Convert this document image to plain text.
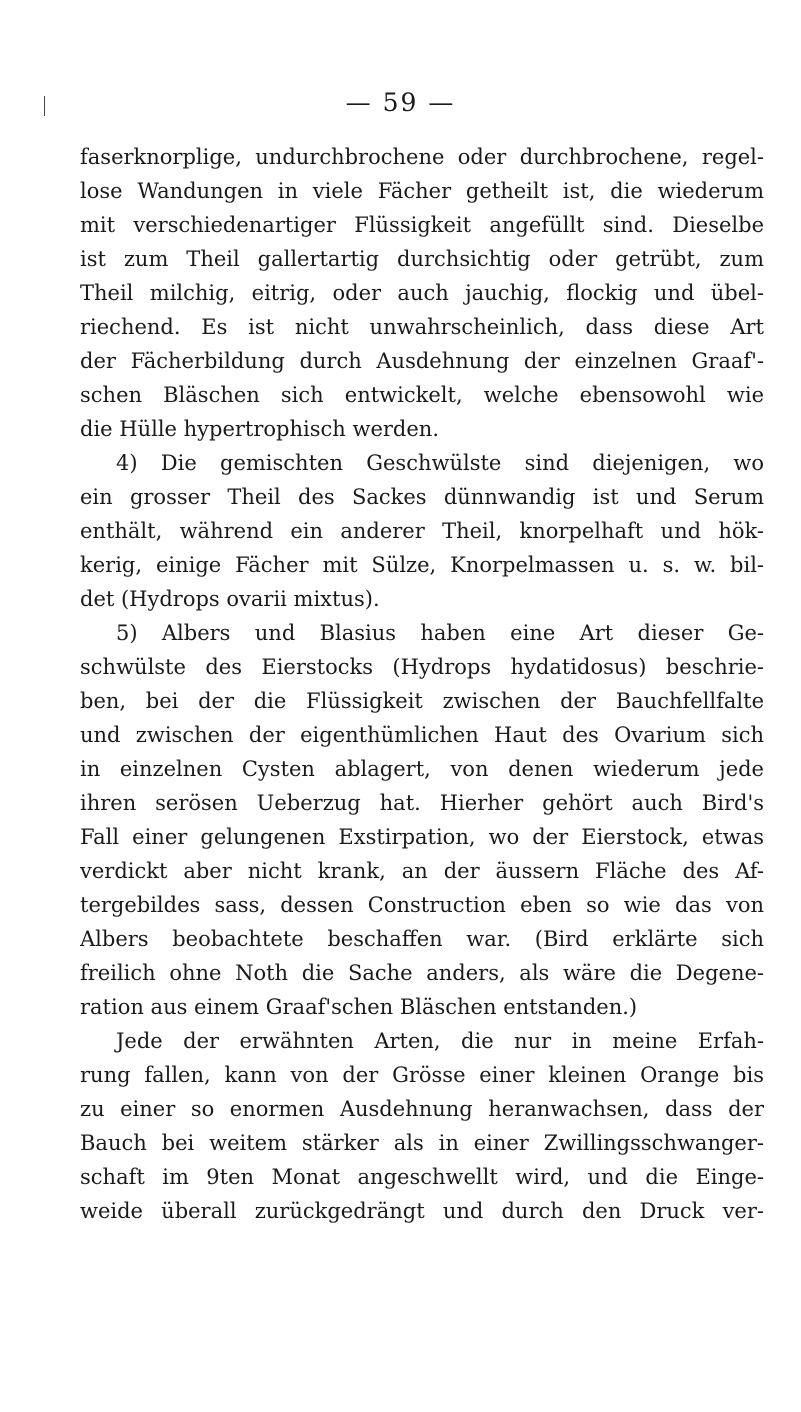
— 59 —
faserknorplige, undurchbrochene oder durchbrochene, regel-
lose Wandungen in viele Fächer getheilt ist, die wiederum
mit verschiedenartiger Flüssigkeit angefüllt sind. Dieselbe
ist zum Theil gallertartig durchsichtig oder getrübt, zum
Theil milchig, eitrig, oder auch jauchig, flockig und übel-
riechend. Es ist nicht unwahrscheinlich, dass diese Art
der Fächerbildung durch Ausdehnung der einzelnen Graaf'-
schen Bläschen sich entwickelt, welche ebensowohl wie
die Hülle hypertrophisch werden.
4) Die gemischten Geschwülste sind diejenigen, wo
ein grosser Theil des Sackes dünnwandig ist und Serum
enthält, während ein anderer Theil, knorpelhaft und hök-
kerig, einige Fächer mit Sülze, Knorpelmassen u. s. w. bil-
det (Hydrops ovarii mixtus).
5) Albers und Blasius haben eine Art dieser Ge-
schwülste des Eierstocks (Hydrops hydatidosus) beschrie-
ben, bei der die Flüssigkeit zwischen der Bauchfellfalte
und zwischen der eigenthümlichen Haut des Ovarium sich
in einzelnen Cysten ablagert, von denen wiederum jede
ihren serösen Ueberzug hat. Hierher gehört auch Bird's
Fall einer gelungenen Exstirpation, wo der Eierstock, etwas
verdickt aber nicht krank, an der äussern Fläche des Af-
tergebildes sass, dessen Construction eben so wie das von
Albers beobachtete beschaffen war. (Bird erklärte sich
freilich ohne Noth die Sache anders, als wäre die Degene-
ration aus einem Graaf'schen Bläschen entstanden.)
Jede der erwähnten Arten, die nur in meine Erfah-
rung fallen, kann von der Grösse einer kleinen Orange bis
zu einer so enormen Ausdehnung heranwachsen, dass der
Bauch bei weitem stärker als in einer Zwillingsschwanger-
schaft im 9ten Monat angeschwellt wird, und die Einge-
weide überall zurückgedrängt und durch den Druck ver-
